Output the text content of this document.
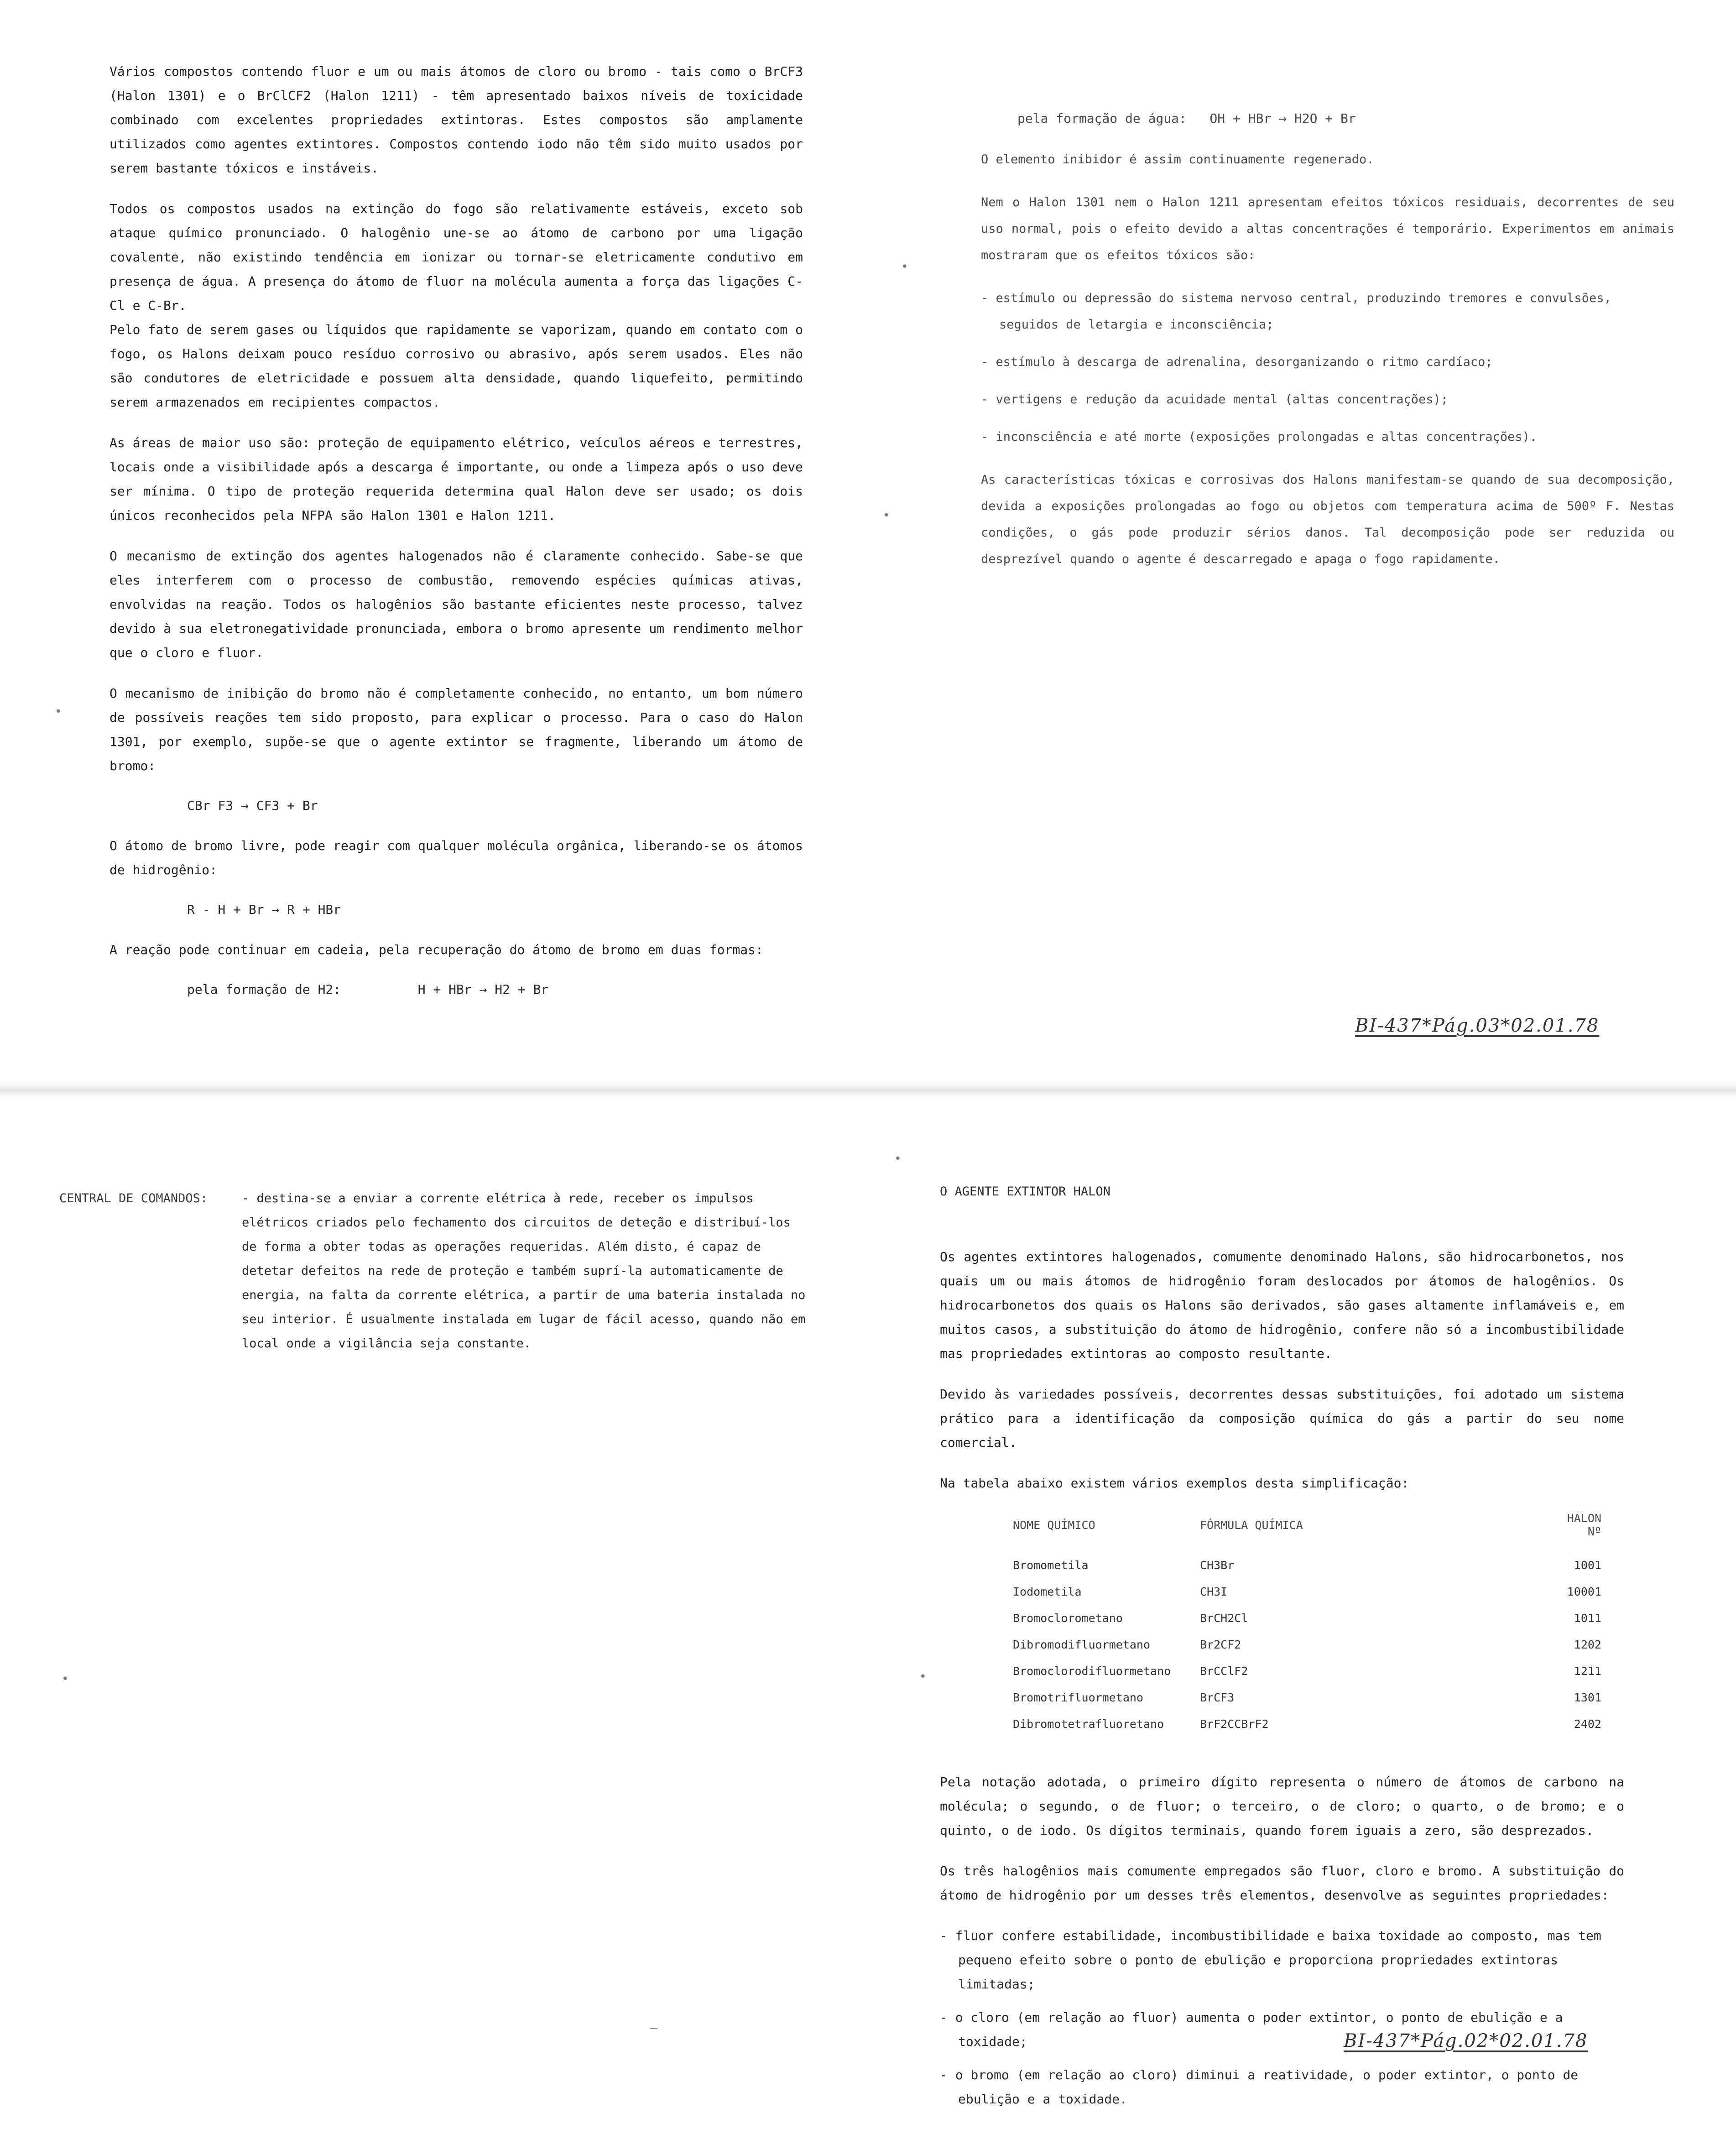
•
•
•
•
•	•
–

Vários compostos contendo fluor e um ou mais átomos de cloro ou bromo - tais como o BrCF3 (Halon 1301) e o BrClCF2 (Halon 1211) - têm apresentado baixos níveis de toxicidade combinado com excelentes propriedades extintoras. Estes compostos são amplamente utilizados como agentes extintores. Compostos contendo iodo não têm sido muito usados por serem bastante tóxicos e instáveis.

Todos os compostos usados na extinção do fogo são relativamente estáveis, exceto sob ataque químico pronunciado. O halogênio une-se ao átomo de carbono por uma ligação covalente, não existindo tendência em ionizar ou tornar-se eletricamente condutivo em presença de água. A presença do átomo de fluor na molécula aumenta a força das ligações C-Cl e C-Br.
Pelo fato de serem gases ou líquidos que rapidamente se vaporizam, quando em contato com o fogo, os Halons deixam pouco resíduo corrosivo ou abrasivo, após serem usados. Eles não são condutores de eletricidade e possuem alta densidade, quando liquefeito, permitindo serem armazenados em recipientes compactos.

As áreas de maior uso são: proteção de equipamento elétrico, veículos aéreos e terrestres, locais onde a visibilidade após a descarga é importante, ou onde a limpeza após o uso deve ser mínima. O tipo de proteção requerida determina qual Halon deve ser usado; os dois únicos reconhecidos pela NFPA são Halon 1301 e Halon 1211.

O mecanismo de extinção dos agentes halogenados não é claramente conhecido. Sabe-se que eles interferem com o processo de combustão, removendo espécies químicas ativas, envolvidas na reação. Todos os halogênios são bastante eficientes neste processo, talvez devido à sua eletronegatividade pronunciada, embora o bromo apresente um rendimento melhor que o cloro e fluor.

O mecanismo de inibição do bromo não é completamente conhecido, no entanto, um bom número de possíveis reações tem sido proposto, para explicar o processo. Para o caso do Halon 1301, por exemplo, supõe-se que o agente extintor se fragmente, liberando um átomo de bromo:

CBr F3 → CF3 + Br

O átomo de bromo livre, pode reagir com qualquer molécula orgânica, liberando-se os átomos de hidrogênio:

R - H + Br → R + HBr

A reação pode continuar em cadeia, pela recuperação do átomo de bromo em duas formas:

pela formação de H2:          H + HBr → H2 + Br
pela formação de água:   OH + HBr → H2O + Br

O elemento inibidor é assim continuamente regenerado.

Nem o Halon 1301 nem o Halon 1211 apresentam efeitos tóxicos residuais, decorrentes de seu uso normal, pois o efeito devido a altas concentrações é temporário. Experimentos em animais mostraram que os efeitos tóxicos são:

- estímulo ou depressão do sistema nervoso central, produzindo tremores e convulsões, seguidos de letargia e inconsciência;
- estímulo à descarga de adrenalina, desorganizando o ritmo cardíaco;
- vertigens e redução da acuidade mental (altas concentrações);
- inconsciência e até morte (exposições prolongadas e altas concentrações).

As características tóxicas e corrosivas dos Halons manifestam-se quando de sua decomposição, devida a exposições prolongadas ao fogo ou objetos com temperatura acima de 500º F. Nestas condições, o gás pode produzir sérios danos. Tal decomposição pode ser reduzida ou desprezível quando o agente é descarregado e apaga o fogo rapidamente.

BI-437*Pág.03*02.01.78
CENTRAL DE COMANDOS:	- destina-se a enviar a corrente elétrica à rede, receber os impulsos elétricos criados pelo fechamento dos circuitos de deteção e distribuí-los de forma a obter todas as operações requeridas. Além disto, é capaz de detetar defeitos na rede de proteção e também suprí-la automaticamente de energia, na falta da corrente elétrica, a partir de uma bateria instalada no seu interior. É usualmente instalada em lugar de fácil acesso, quando não em local onde a vigilância seja constante.
O AGENTE EXTINTOR HALON

Os agentes extintores halogenados, comumente denominado Halons, são hidrocarbonetos, nos quais um ou mais átomos de hidrogênio foram deslocados por átomos de halogênios. Os hidrocarbonetos dos quais os Halons são derivados, são gases altamente inflamáveis e, em muitos casos, a substituição do átomo de hidrogênio, confere não só a incombustibilidade mas propriedades extintoras ao composto resultante.

Devido às variedades possíveis, decorrentes dessas substituições, foi adotado um sistema prático para a identificação da composição química do gás a partir do seu nome comercial.

Na tabela abaixo existem vários exemplos desta simplificação:

NOME QUÍMICO	FÓRMULA QUÍMICA	HALON Nº
Bromometila	CH3Br	1001
Iodometila	CH3I	10001
Bromoclorometano	BrCH2Cl	1011
Dibromodifluormetano	Br2CF2	1202
Bromoclorodifluormetano	BrCClF2	1211
Bromotrifluormetano	BrCF3	1301
Dibromotetrafluoretano	BrF2CCBrF2	2402

Pela notação adotada, o primeiro dígito representa o número de átomos de carbono na molécula; o segundo, o de fluor; o terceiro, o de cloro; o quarto, o de bromo; e o quinto, o de iodo. Os dígitos terminais, quando forem iguais a zero, são desprezados.

Os três halogênios mais comumente empregados são fluor, cloro e bromo. A substituição do átomo de hidrogênio por um desses três elementos, desenvolve as seguintes propriedades:

- fluor confere estabilidade, incombustibilidade e baixa toxidade ao composto, mas tem pequeno efeito sobre o ponto de ebulição e proporciona propriedades extintoras limitadas;
- o cloro (em relação ao fluor) aumenta o poder extintor, o ponto de ebulição e a toxidade;
- o bromo (em relação ao cloro) diminui a reatividade, o poder extintor, o ponto de ebulição e a toxidade.
BI-437*Pág.02*02.01.78
